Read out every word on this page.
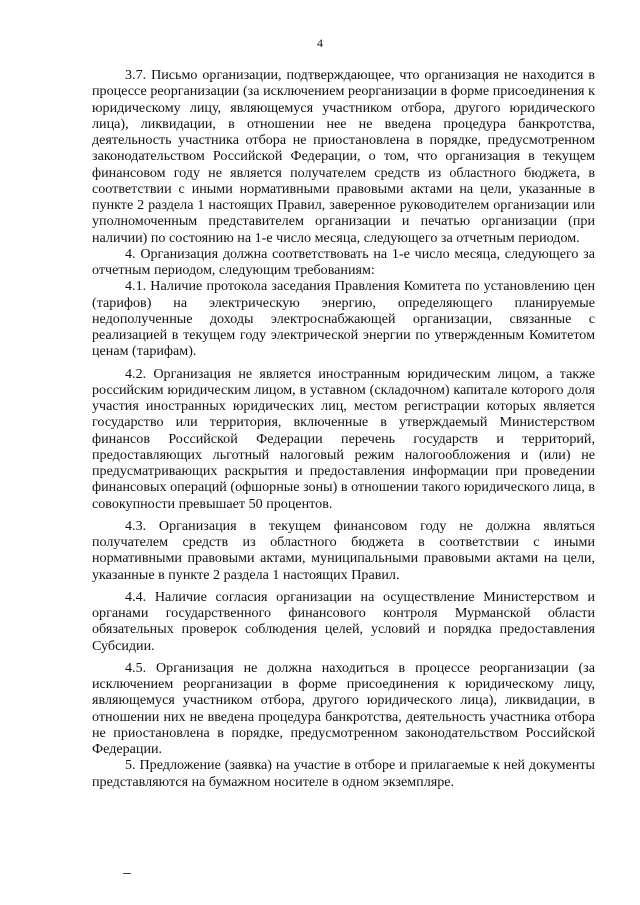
4

3.7. Письмо организации, подтверждающее, что организация не находится в процессе реорганизации (за исключением реорганизации в форме присоединения к юридическому лицу, являющемуся участником отбора, другого юридического лица), ликвидации, в отношении нее не введена процедура банкротства, деятельность участника отбора не приостановлена в порядке, предусмотренном законодательством Российской Федерации, о том, что организация в текущем финансовом году не является получателем средств из областного бюджета, в соответствии с иными нормативными правовыми актами на цели, указанные в пункте 2 раздела 1 настоящих Правил, заверенное руководителем организации или уполномоченным представителем организации и печатью организации (при наличии) по состоянию на 1-е число месяца, следующего за отчетным периодом.

4. Организация должна соответствовать на 1-е число месяца, следующего за отчетным периодом, следующим требованиям:

4.1. Наличие протокола заседания Правления Комитета по установлению цен (тарифов) на электрическую энергию, определяющего планируемые недополученные доходы электроснабжающей организации, связанные с реализацией в текущем году электрической энергии по утвержденным Комитетом ценам (тарифам).

4.2. Организация не является иностранным юридическим лицом, а также российским юридическим лицом, в уставном (складочном) капитале которого доля участия иностранных юридических лиц, местом регистрации которых является государство или территория, включенные в утверждаемый Министерством финансов Российской Федерации перечень государств и территорий, предоставляющих льготный налоговый режим налогообложения и (или) не предусматривающих раскрытия и предоставления информации при проведении финансовых операций (офшорные зоны) в отношении такого юридического лица, в совокупности превышает 50 процентов.

4.3. Организация в текущем финансовом году не должна являться получателем средств из областного бюджета в соответствии с иными нормативными правовыми актами, муниципальными правовыми актами на цели, указанные в пункте 2 раздела 1 настоящих Правил.

4.4. Наличие согласия организации на осуществление Министерством и органами государственного финансового контроля Мурманской области обязательных проверок соблюдения целей, условий и порядка предоставления Субсидии.

4.5. Организация не должна находиться в процессе реорганизации (за исключением реорганизации в форме присоединения к юридическому лицу, являющемуся участником отбора, другого юридического лица), ликвидации, в отношении них не введена процедура банкротства, деятельность участника отбора не приостановлена в порядке, предусмотренном законодательством Российской Федерации.

5. Предложение (заявка) на участие в отборе и прилагаемые к ней документы представляются на бумажном носителе в одном экземпляре.
